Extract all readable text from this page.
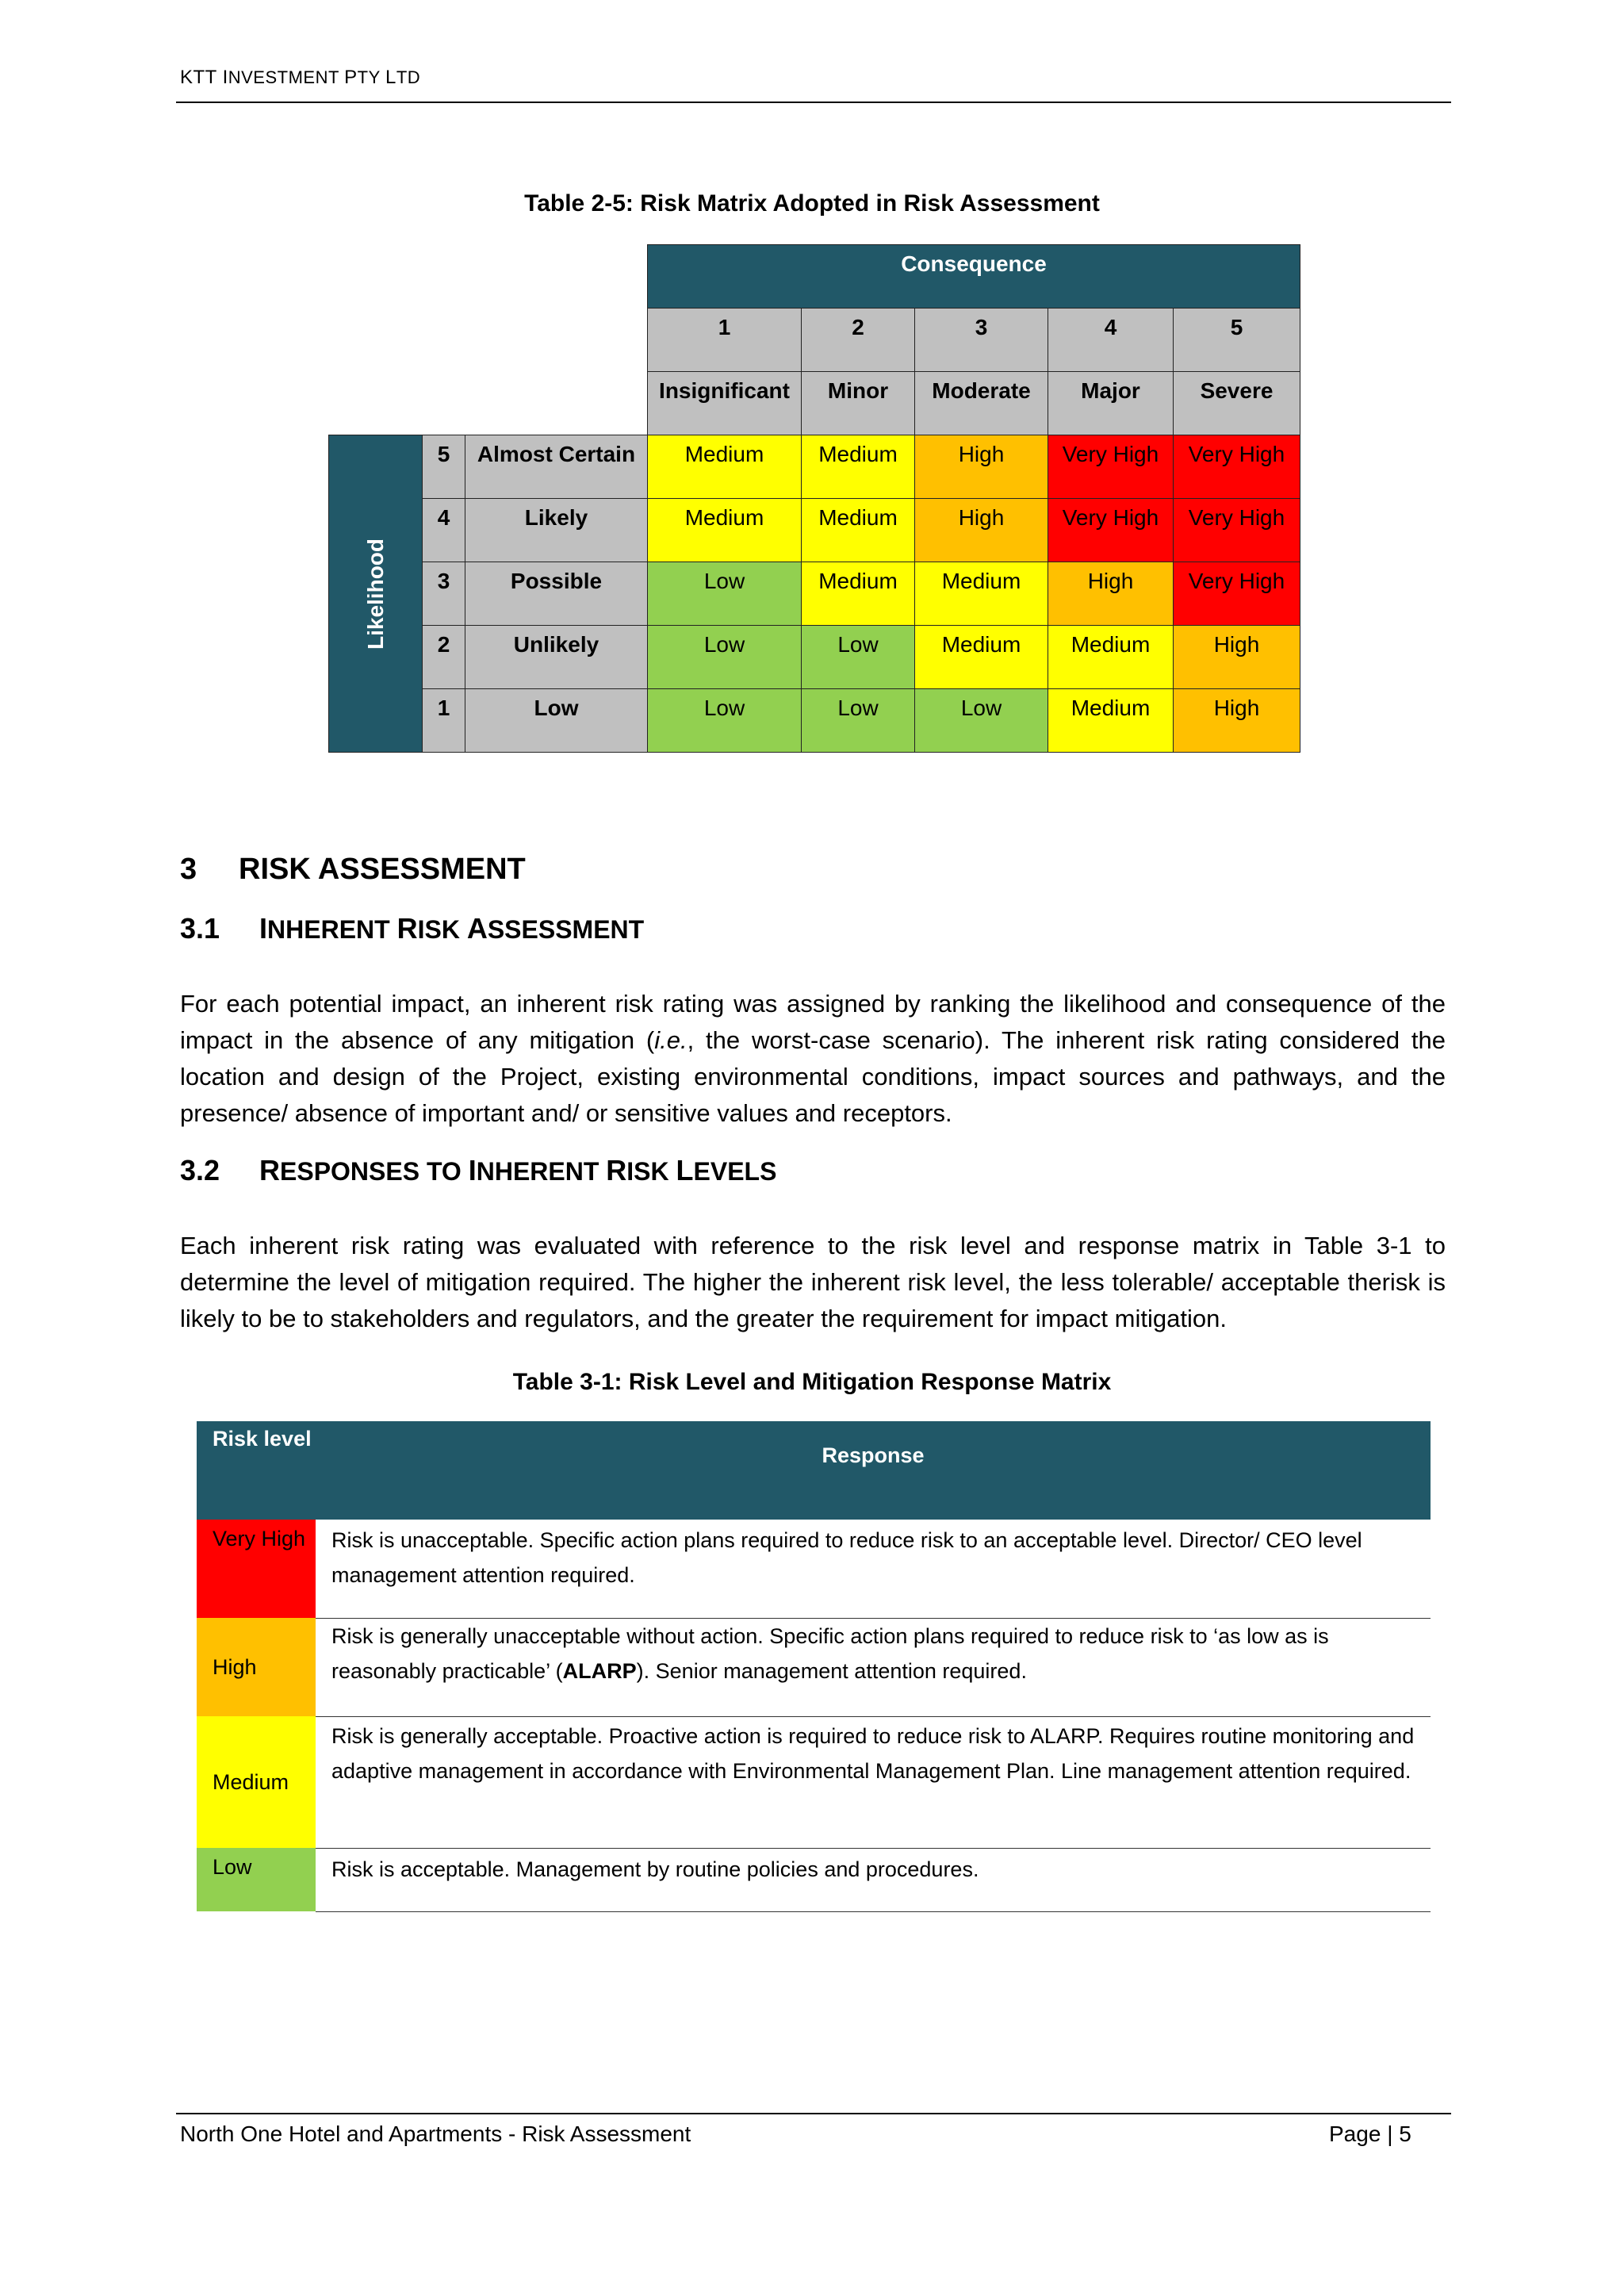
KTT INVESTMENT PTY LTD
Table 2-5: Risk Matrix Adopted in Risk Assessment
			Consequence				
			1	2	3	4	5
			Insignificant	Minor	Moderate	Major	Severe

Likelihood	5	Almost Certain	Medium	Medium	High	Very High	Very High
	4	Likely	Medium	Medium	High	Very High	Very High
	3	Possible	Low	Medium	Medium	High	Very High
	2	Unlikely	Low	Low	Medium	Medium	High
	1	Low	Low	Low	Low	Medium	High
3 RISK ASSESSMENT
3.1 INHERENT RISK ASSESSMENT

For each potential impact, an inherent risk rating was assigned by ranking the likelihood and consequence of the impact in the absence of any mitigation (i.e., the worst-case scenario). The inherent risk rating considered the location and design of the Project, existing environmental conditions, impact sources and pathways, and the presence/ absence of important and/ or sensitive values and receptors.

3.2 RESPONSES TO INHERENT RISK LEVELS

Each inherent risk rating was evaluated with reference to the risk level and response matrix in Table 3-1 to determine the level of mitigation required. The higher the inherent risk level, the less tolerable/ acceptable therisk is likely to be to stakeholders and regulators, and the greater the requirement for impact mitigation.

Table 3-1: Risk Level and Mitigation Response Matrix
Risk level	Response
Very High	Risk is unacceptable. Specific action plans required to reduce risk to an acceptable level. Director/ CEO level management attention required.
High	Risk is generally unacceptable without action. Specific action plans required to reduce risk to ‘as low as is reasonably practicable’ (ALARP). Senior management attention required.
Medium	Risk is generally acceptable. Proactive action is required to reduce risk to ALARP. Requires routine monitoring and adaptive management in accordance with Environmental Management Plan. Line management attention required.
Low	Risk is acceptable. Management by routine policies and procedures.
North One Hotel and Apartments - Risk Assessment	Page | 5
